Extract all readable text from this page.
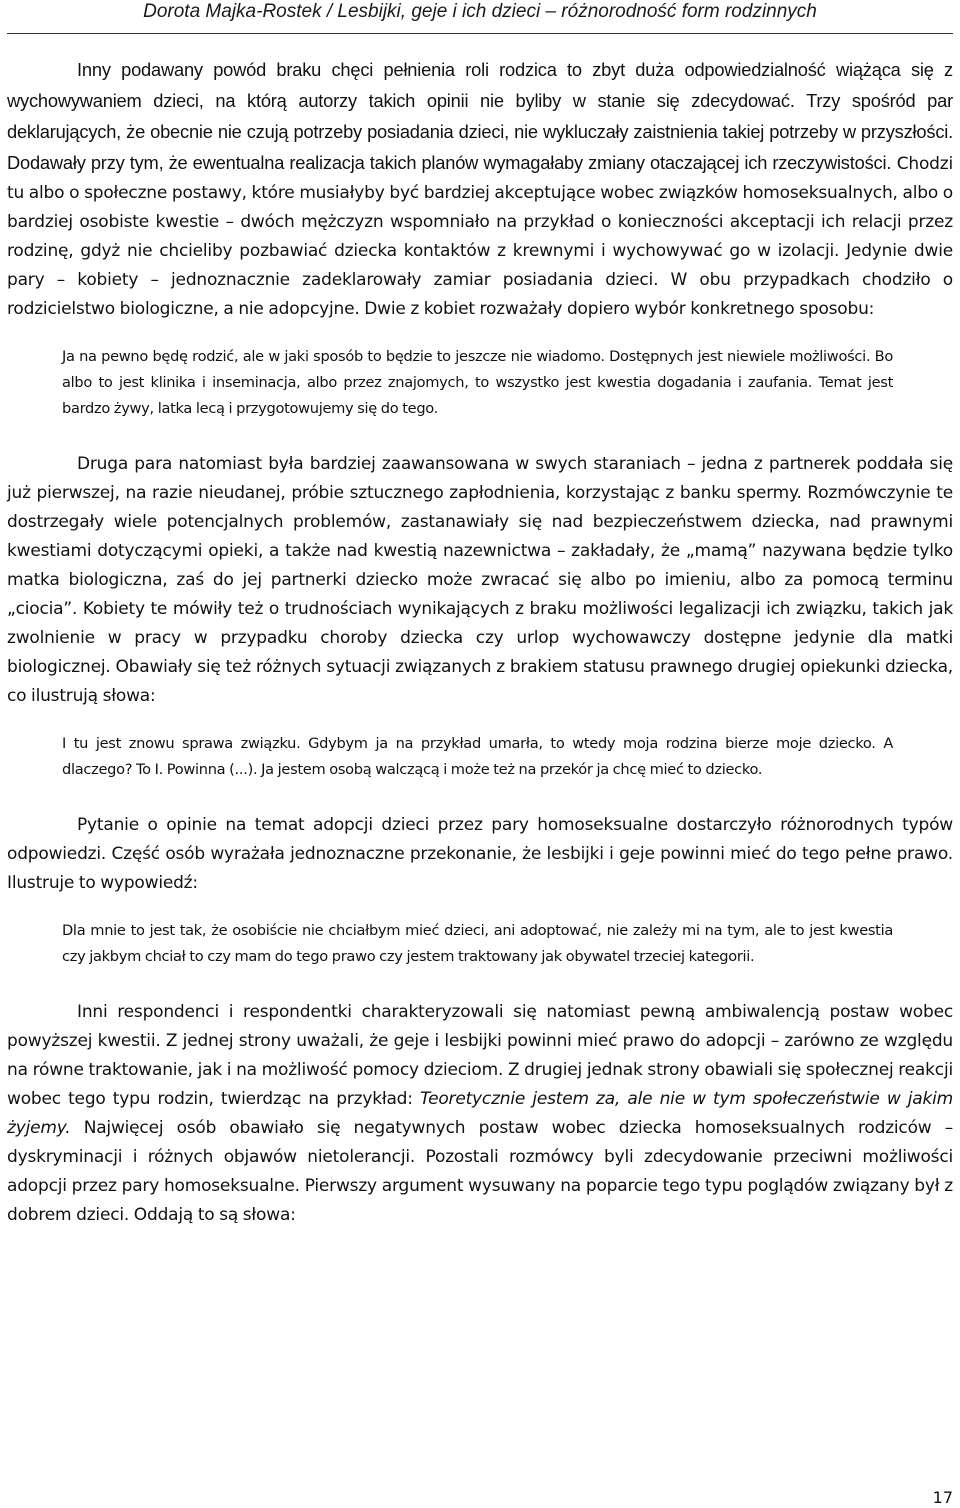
Dorota Majka-Rostek / Lesbijki, geje i ich dzieci – różnorodność form rodzinnych

Inny podawany powód braku chęci pełnienia roli rodzica to zbyt duża odpowiedzialność wiążąca się z wychowywaniem dzieci, na którą autorzy takich opinii nie byliby w stanie się zdecydować. Trzy spośród par deklarujących, że obecnie nie czują potrzeby posiadania dzieci, nie wykluczały zaistnienia takiej potrzeby w przyszłości. Dodawały przy tym, że ewentualna realizacja takich planów wymagałaby zmiany otaczającej ich rzeczywistości. Chodzi tu albo o społeczne postawy, które musiałyby być bardziej akceptujące wobec związków homoseksualnych, albo o bardziej osobiste kwestie – dwóch mężczyzn wspomniało na przykład o konieczności akceptacji ich relacji przez rodzinę, gdyż nie chcieliby pozbawiać dziecka kontaktów z krewnymi i wychowywać go w izolacji. Jedynie dwie pary – kobiety – jednoznacznie zadeklarowały zamiar posiadania dzieci. W obu przypadkach chodziło o rodzicielstwo biologiczne, a nie adopcyjne. Dwie z kobiet rozważały dopiero wybór konkretnego sposobu:

Ja na pewno będę rodzić, ale w jaki sposób to będzie to jeszcze nie wiadomo. Dostępnych jest niewiele możliwości. Bo albo to jest klinika i inseminacja, albo przez znajomych, to wszystko jest kwestia dogadania i zaufania. Temat jest bardzo żywy, latka lecą i przygotowujemy się do tego.

Druga para natomiast była bardziej zaawansowana w swych staraniach – jedna z partnerek poddała się już pierwszej, na razie nieudanej, próbie sztucznego zapłodnienia, korzystając z banku spermy. Rozmówczynie te dostrzegały wiele potencjalnych problemów, zastanawiały się nad bezpieczeństwem dziecka, nad prawnymi kwestiami dotyczącymi opieki, a także nad kwestią nazewnictwa – zakładały, że „mamą” nazywana będzie tylko matka biologiczna, zaś do jej partnerki dziecko może zwracać się albo po imieniu, albo za pomocą terminu „ciocia”. Kobiety te mówiły też o trudnościach wynikających z braku możliwości legalizacji ich związku, takich jak zwolnienie w pracy w przypadku choroby dziecka czy urlop wychowawczy dostępne jedynie dla matki biologicznej. Obawiały się też różnych sytuacji związanych z brakiem statusu prawnego drugiej opiekunki dziecka, co ilustrują słowa:

I tu jest znowu sprawa związku. Gdybym ja na przykład umarła, to wtedy moja rodzina bierze moje dziecko. A dlaczego? To I. Powinna (...). Ja jestem osobą walczącą i może też na przekór ja chcę mieć to dziecko.

Pytanie o opinie na temat adopcji dzieci przez pary homoseksualne dostarczyło różnorodnych typów odpowiedzi. Część osób wyrażała jednoznaczne przekonanie, że lesbijki i geje powinni mieć do tego pełne prawo. Ilustruje to wypowiedź:

Dla mnie to jest tak, że osobiście nie chciałbym mieć dzieci, ani adoptować, nie zależy mi na tym, ale to jest kwestia czy jakbym chciał to czy mam do tego prawo czy jestem traktowany jak obywatel trzeciej kategorii.

Inni respondenci i respondentki charakteryzowali się natomiast pewną ambiwalencją postaw wobec powyższej kwestii. Z jednej strony uważali, że geje i lesbijki powinni mieć prawo do adopcji – zarówno ze względu na równe traktowanie, jak i na możliwość pomocy dzieciom. Z drugiej jednak strony obawiali się społecznej reakcji wobec tego typu rodzin, twierdząc na przykład: Teoretycznie jestem za, ale nie w tym społeczeństwie w jakim żyjemy. Najwięcej osób obawiało się negatywnych postaw wobec dziecka homoseksualnych rodziców – dyskryminacji i różnych objawów nietolerancji. Pozostali rozmówcy byli zdecydowanie przeciwni możliwości adopcji przez pary homoseksualne. Pierwszy argument wysuwany na poparcie tego typu poglądów związany był z dobrem dzieci. Oddają to są słowa:

17
